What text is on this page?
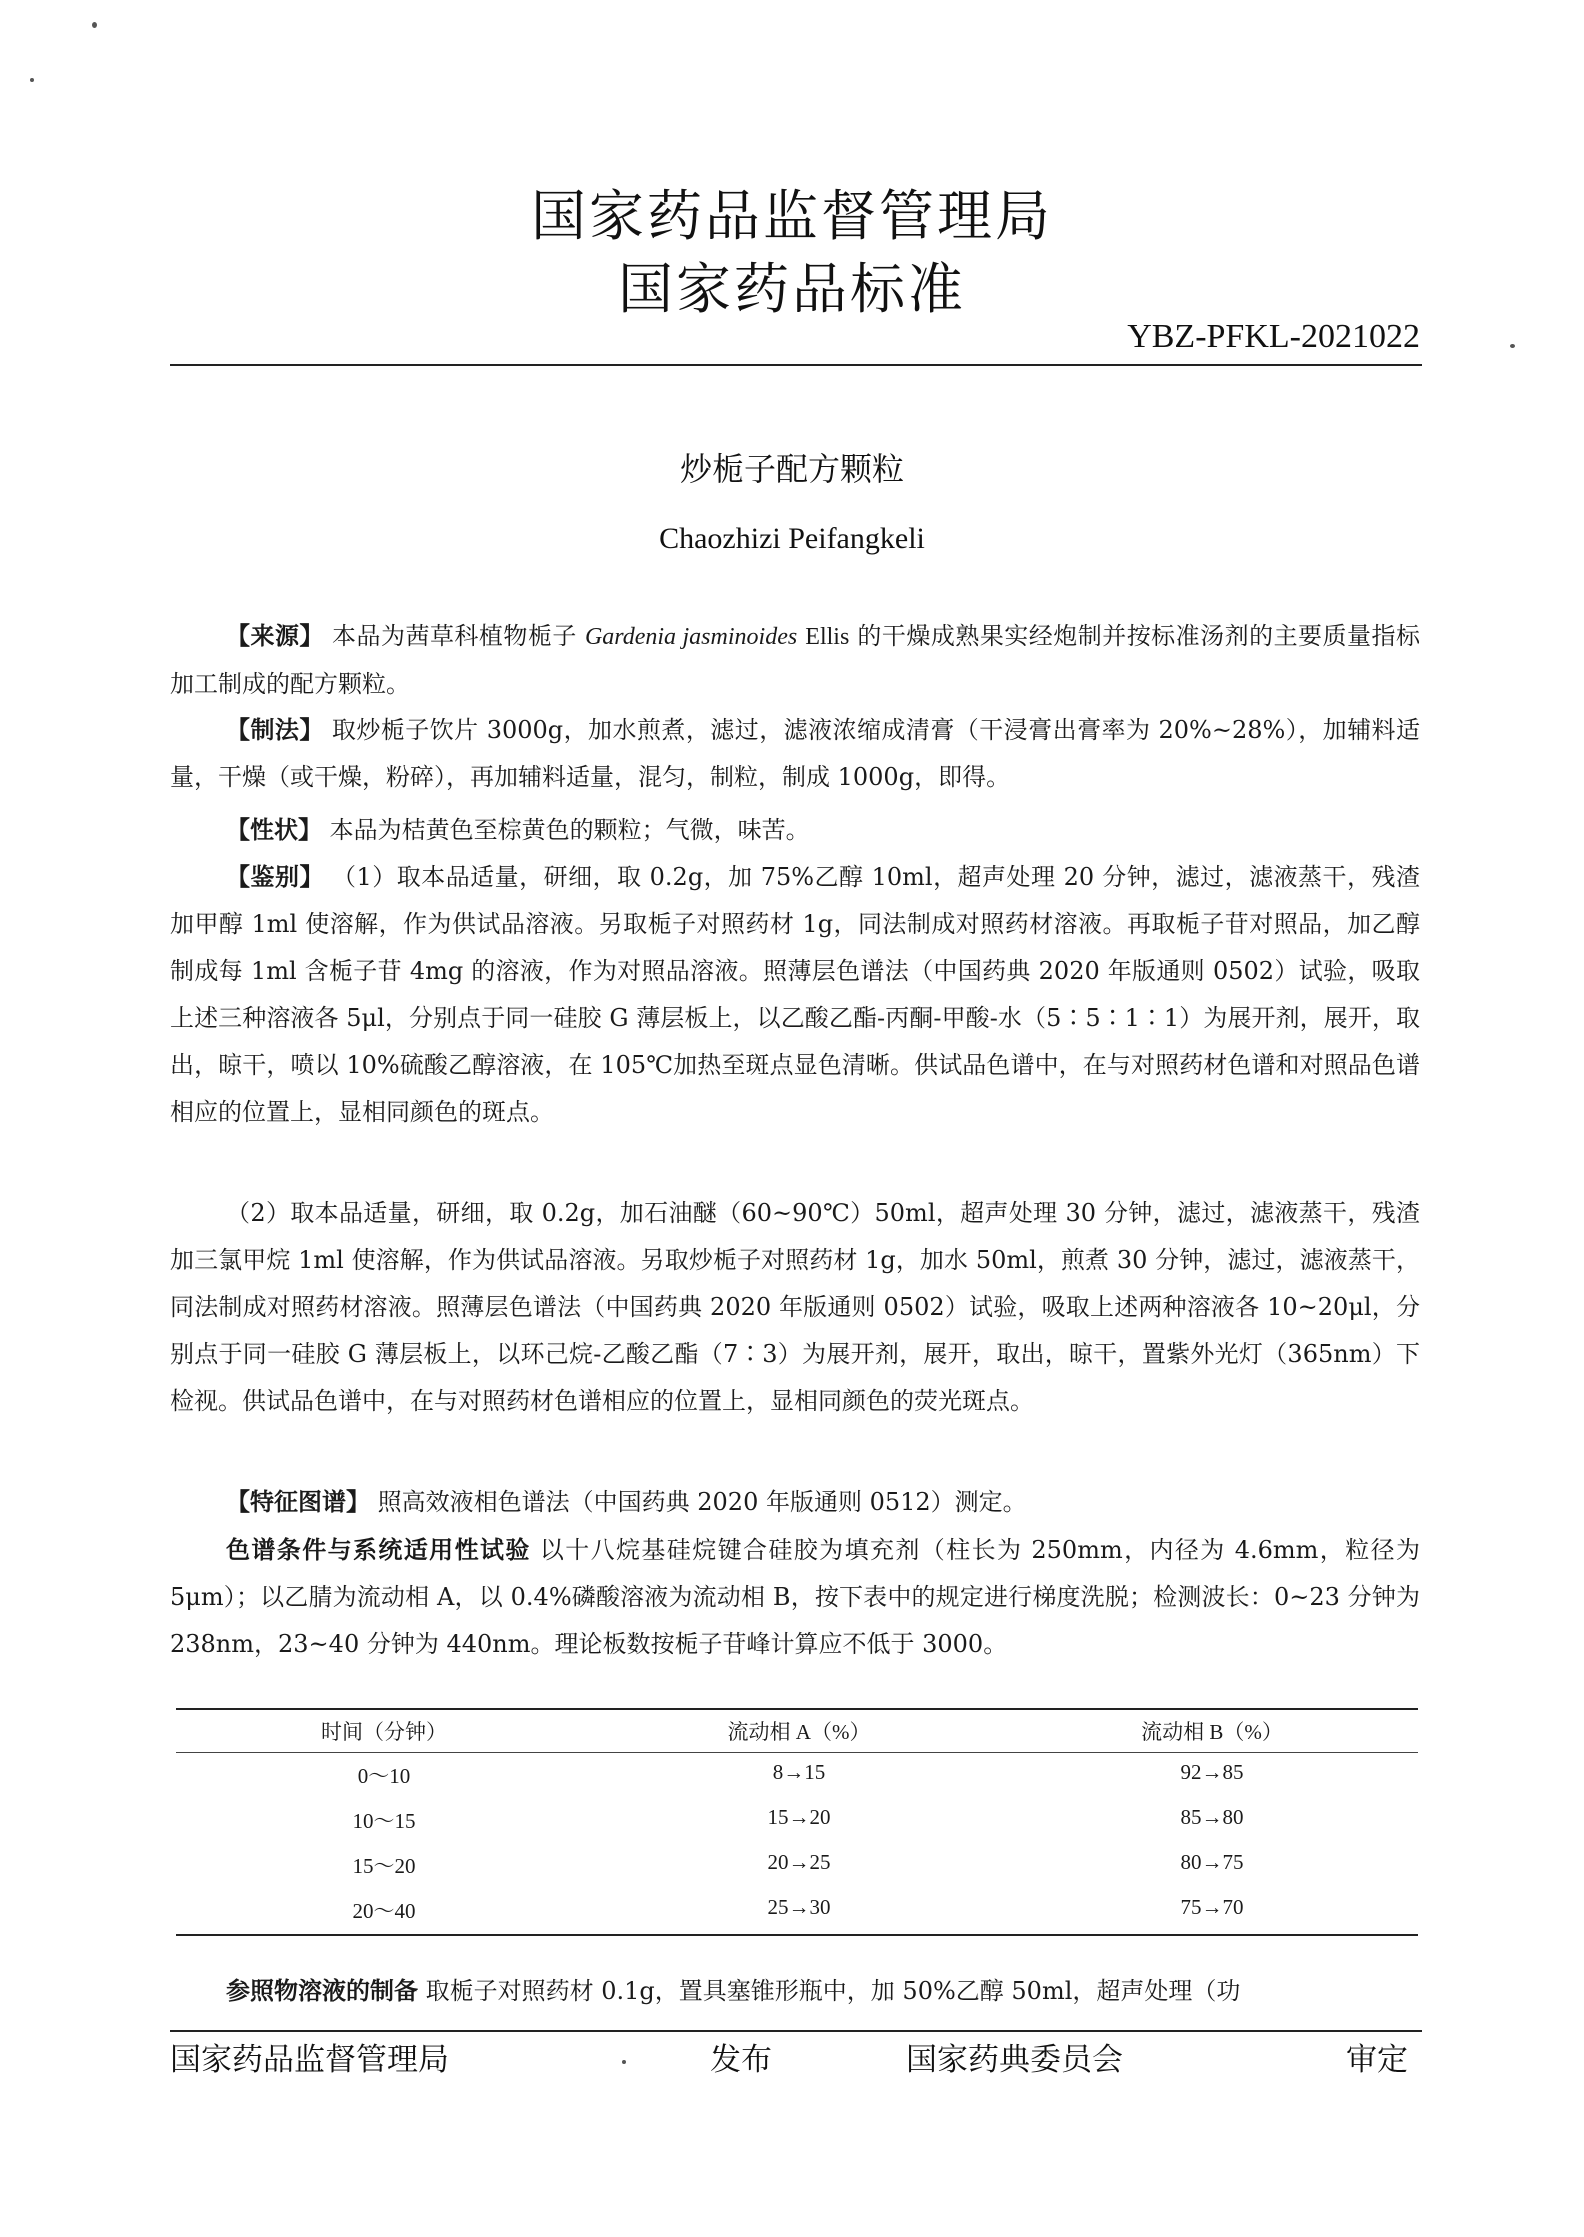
国家药品监督管理局
国家药品标准
YBZ-PFKL-2021022
炒栀子配方颗粒
Chaozhizi Peifangkeli

【来源】 本品为茜草科植物栀子 Gardenia jasminoides Ellis 的干燥成熟果实经炮制并按标准汤剂的主要质量指标加工制成的配方颗粒。

【制法】 取炒栀子饮片 3000g，加水煎煮，滤过，滤液浓缩成清膏（干浸膏出膏率为 20%~28%），加辅料适量，干燥（或干燥，粉碎），再加辅料适量，混匀，制粒，制成 1000g，即得。

【性状】 本品为桔黄色至棕黄色的颗粒；气微，味苦。

【鉴别】 （1）取本品适量，研细，取 0.2g，加 75%乙醇 10ml，超声处理 20 分钟，滤过，滤液蒸干，残渣加甲醇 1ml 使溶解，作为供试品溶液。另取栀子对照药材 1g，同法制成对照药材溶液。再取栀子苷对照品，加乙醇制成每 1ml 含栀子苷 4mg 的溶液，作为对照品溶液。照薄层色谱法（中国药典 2020 年版通则 0502）试验，吸取上述三种溶液各 5μl，分别点于同一硅胶 G 薄层板上，以乙酸乙酯-丙酮-甲酸-水（5∶5∶1∶1）为展开剂，展开，取出，晾干，喷以 10%硫酸乙醇溶液，在 105℃加热至斑点显色清晰。供试品色谱中，在与对照药材色谱和对照品色谱相应的位置上，显相同颜色的斑点。

（2）取本品适量，研细，取 0.2g，加石油醚（60~90℃）50ml，超声处理 30 分钟，滤过，滤液蒸干，残渣加三氯甲烷 1ml 使溶解，作为供试品溶液。另取炒栀子对照药材 1g，加水 50ml，煎煮 30 分钟，滤过，滤液蒸干，同法制成对照药材溶液。照薄层色谱法（中国药典 2020 年版通则 0502）试验，吸取上述两种溶液各 10~20μl，分别点于同一硅胶 G 薄层板上，以环己烷-乙酸乙酯（7∶3）为展开剂，展开，取出，晾干，置紫外光灯（365nm）下检视。供试品色谱中，在与对照药材色谱相应的位置上，显相同颜色的荧光斑点。

【特征图谱】 照高效液相色谱法（中国药典 2020 年版通则 0512）测定。

色谱条件与系统适用性试验 以十八烷基硅烷键合硅胶为填充剂（柱长为 250mm，内径为 4.6mm，粒径为 5μm）；以乙腈为流动相 A，以 0.4%磷酸溶液为流动相 B，按下表中的规定进行梯度洗脱；检测波长：0~23 分钟为 238nm，23~40 分钟为 440nm。理论板数按栀子苷峰计算应不低于 3000。

时间（分钟）	流动相 A（%）	流动相 B（%）
0～10	8→15	92→85
10～15	15→20	85→80
15～20	20→25	80→75
20～40	25→30	75→70

参照物溶液的制备 取栀子对照药材 0.1g，置具塞锥形瓶中，加 50%乙醇 50ml，超声处理（功

国家药品监督管理局	发布	国家药典委员会	审定
